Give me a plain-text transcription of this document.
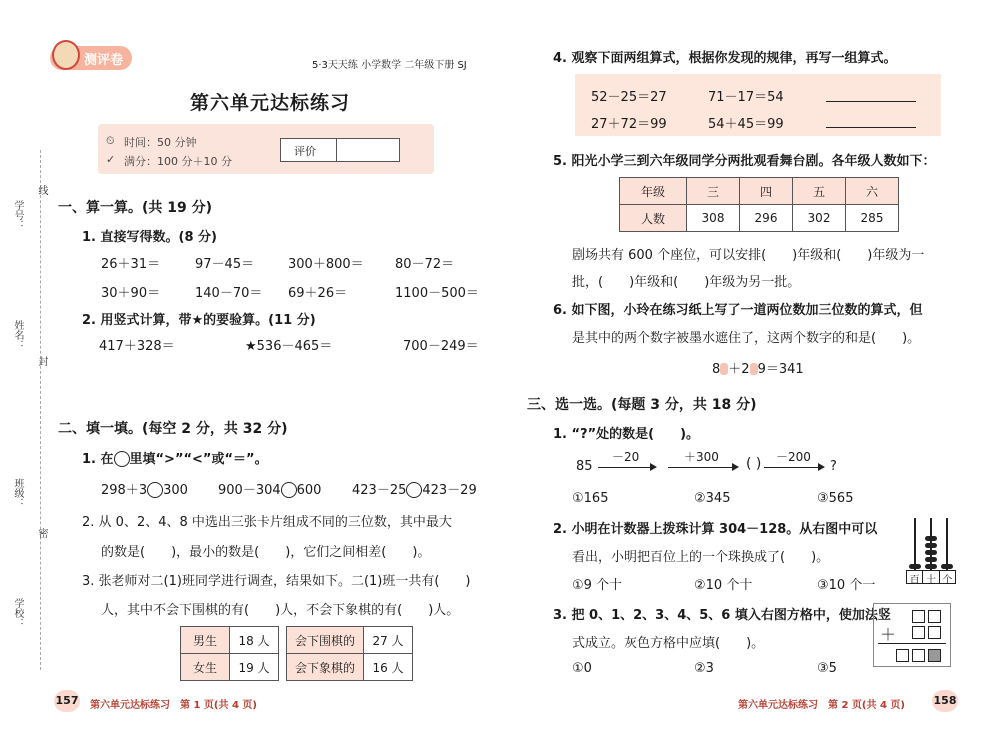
测评卷	5·3天天练 小学数学 二年级下册 SJ
第六单元达标练习
⏲ 时间：50 分钟
✓ 满分：100 分＋10 分
评价
学号：
线
姓名：
封
班级：
密
学校：
一、算一算。(共 19 分)
1. 直接写得数。(8 分)
26＋31＝	97－45＝	300＋800＝ 80－72＝
30＋90＝	140－70＝ 69＋26＝	1100－500＝
2. 用竖式计算，带★的要验算。(11 分)
417＋328＝	★536－465＝	700－249＝
二、填一填。(每空 2 分，共 32 分)
1. 在 里填“>”“<”或“＝”。
298＋3 300 900－304 600 423－25 423－29
2. 从 0、2、4、8 中选出三张卡片组成不同的三位数，其中最大
的数是(　　)，最小的数是(　　)，它们之间相差(　　)。
3. 张老师对二(1)班同学进行调查，结果如下。二(1)班一共有(　　)
人，其中不会下围棋的有(　　)人，不会下象棋的有(　　)人。
男生	18 人
女生	19 人
会下围棋的	27 人
会下象棋的	16 人
157 第六单元达标练习　第 1 页(共 4 页)
4. 观察下面两组算式，根据你发现的规律，再写一组算式。
52－25＝27	71－17＝54
27＋72＝99	54＋45＝99
5. 阳光小学三到六年级同学分两批观看舞台剧。各年级人数如下：
年级	三	四	五	六
人数	308	296	302	285
剧场共有 600 个座位，可以安排(　　)年级和(　　)年级为一
批，(　　)年级和(　　)年级为另一批。
6. 如下图，小玲在练习纸上写了一道两位数加三位数的算式，但
是其中的两个数字被墨水遮住了，这两个数字的和是(　　)。
8 ＋2 9＝341
三、选一选。(每题 3 分，共 18 分)
1. “?”处的数是(　　)。
85
－20	＋300 ( ) －200
?
①165	②345	③565
2. 小明在计数器上拨珠计算 304－128。从右图中可以
看出，小明把百位上的一个珠换成了(　　)。
①9 个十	②10 个十	③10 个一	百 十 个
3. 把 0、1、2、3、4、5、6 填入右图方格中，使加法竖
式成立。灰色方格中应填(　　)。
①0	②3	③5
＋
第六单元达标练习　第 2 页(共 4 页)	158
